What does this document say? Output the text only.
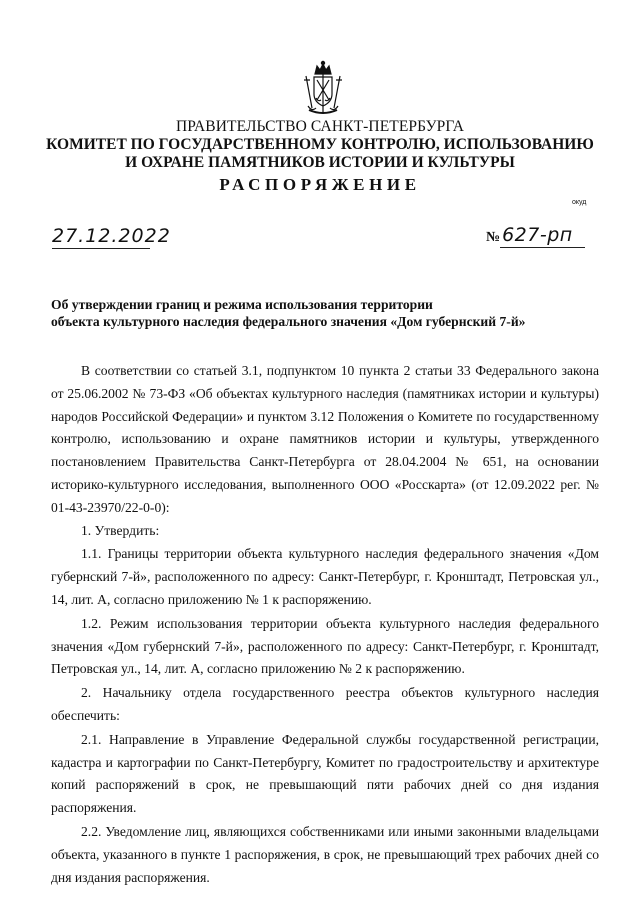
ПРАВИТЕЛЬСТВО САНКТ-ПЕТЕРБУРГА
КОМИТЕТ ПО ГОСУДАРСТВЕННОМУ КОНТРОЛЮ, ИСПОЛЬЗОВАНИЮ
И ОХРАНЕ ПАМЯТНИКОВ ИСТОРИИ И КУЛЬТУРЫ
РАСПОРЯЖЕНИЕ
окуд
27.12.2022	№ 627-рп
Об утверждении границ и режима использования территории
объекта культурного наследия федерального значения «Дом губернский 7-й»

В соответствии со статьей 3.1, подпунктом 10 пункта 2 статьи 33 Федерального закона от 25.06.2002 № 73-ФЗ «Об объектах культурного наследия (памятниках истории и культуры) народов Российской Федерации» и пунктом 3.12 Положения о Комитете по государственному контролю, использованию и охране памятников истории и культуры, утвержденного постановлением Правительства Санкт-Петербурга от 28.04.2004 № 651, на основании историко-культурного исследования, выполненного ООО «Росскарта» (от 12.09.2022 рег. № 01-43-23970/22-0-0):

1. Утвердить:

1.1. Границы территории объекта культурного наследия федерального значения «Дом губернский 7-й», расположенного по адресу: Санкт-Петербург, г. Кронштадт, Петровская ул., 14, лит. А, согласно приложению № 1 к распоряжению.

1.2. Режим использования территории объекта культурного наследия федерального значения «Дом губернский 7-й», расположенного по адресу: Санкт-Петербург, г. Кронштадт, Петровская ул., 14, лит. А, согласно приложению № 2 к распоряжению.

2. Начальнику отдела государственного реестра объектов культурного наследия обеспечить:

2.1. Направление в Управление Федеральной службы государственной регистрации, кадастра и картографии по Санкт-Петербургу, Комитет по градостроительству и архитектуре копий распоряжений в срок, не превышающий пяти рабочих дней со дня издания распоряжения.

2.2. Уведомление лиц, являющихся собственниками или иными законными владельцами объекта, указанного в пункте 1 распоряжения, в срок, не превышающий трех рабочих дней со дня издания распоряжения.
